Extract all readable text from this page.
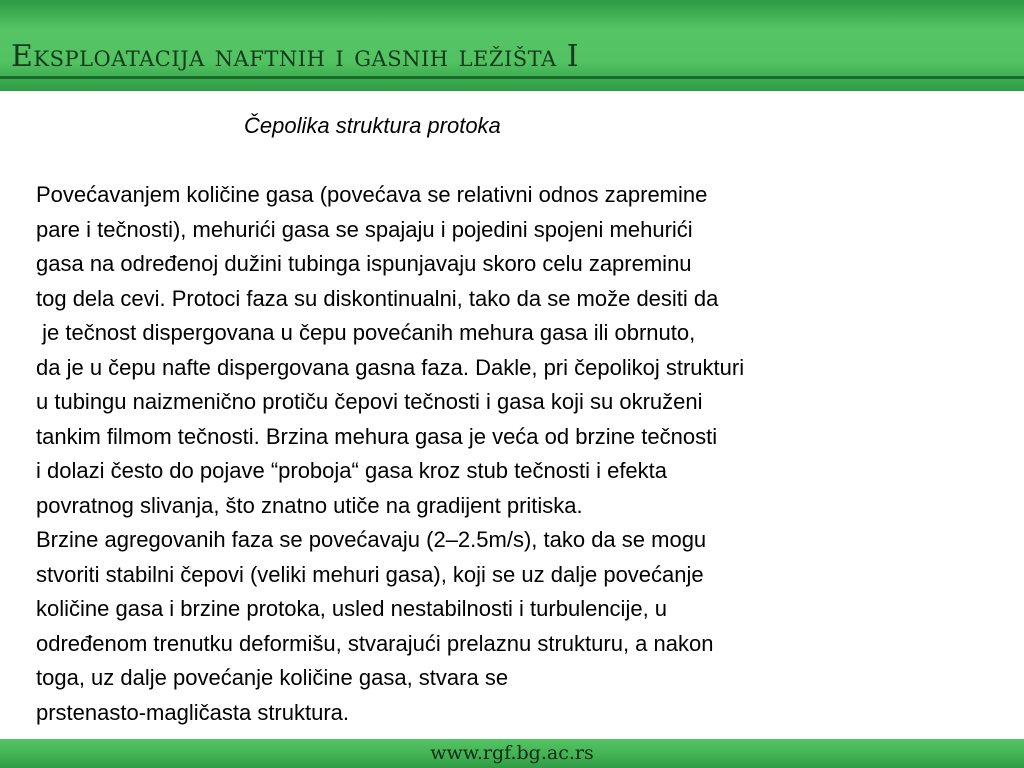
Eksploatacija naftnih i gasnih ležišta I
Čepolika struktura protoka
Povećavanjem količine gasa (povećava se relativni odnos zapremine
pare i tečnosti), mehurići gasa se spajaju i pojedini spojeni mehurići
gasa na određenoj dužini tubinga ispunjavaju skoro celu zapreminu
tog dela cevi. Protoci faza su diskontinualni, tako da se može desiti da
je tečnost dispergovana u čepu povećanih mehura gasa ili obrnuto,
da je u čepu nafte dispergovana gasna faza. Dakle, pri čepolikoj strukturi
u tubingu naizmenično protiču čepovi tečnosti i gasa koji su okruženi
tankim filmom tečnosti. Brzina mehura gasa je veća od brzine tečnosti
i dolazi često do pojave “proboja“ gasa kroz stub tečnosti i efekta
povratnog slivanja, što znatno utiče na gradijent pritiska.
Brzine agregovanih faza se povećavaju (2–2.5m/s), tako da se mogu
stvoriti stabilni čepovi (veliki mehuri gasa), koji se uz dalje povećanje
količine gasa i brzine protoka, usled nestabilnosti i turbulencije, u
određenom trenutku deformišu, stvarajući prelaznu strukturu, a nakon
toga, uz dalje povećanje količine gasa, stvara se
prstenasto-magličasta struktura.
www.rgf.bg.ac.rs
